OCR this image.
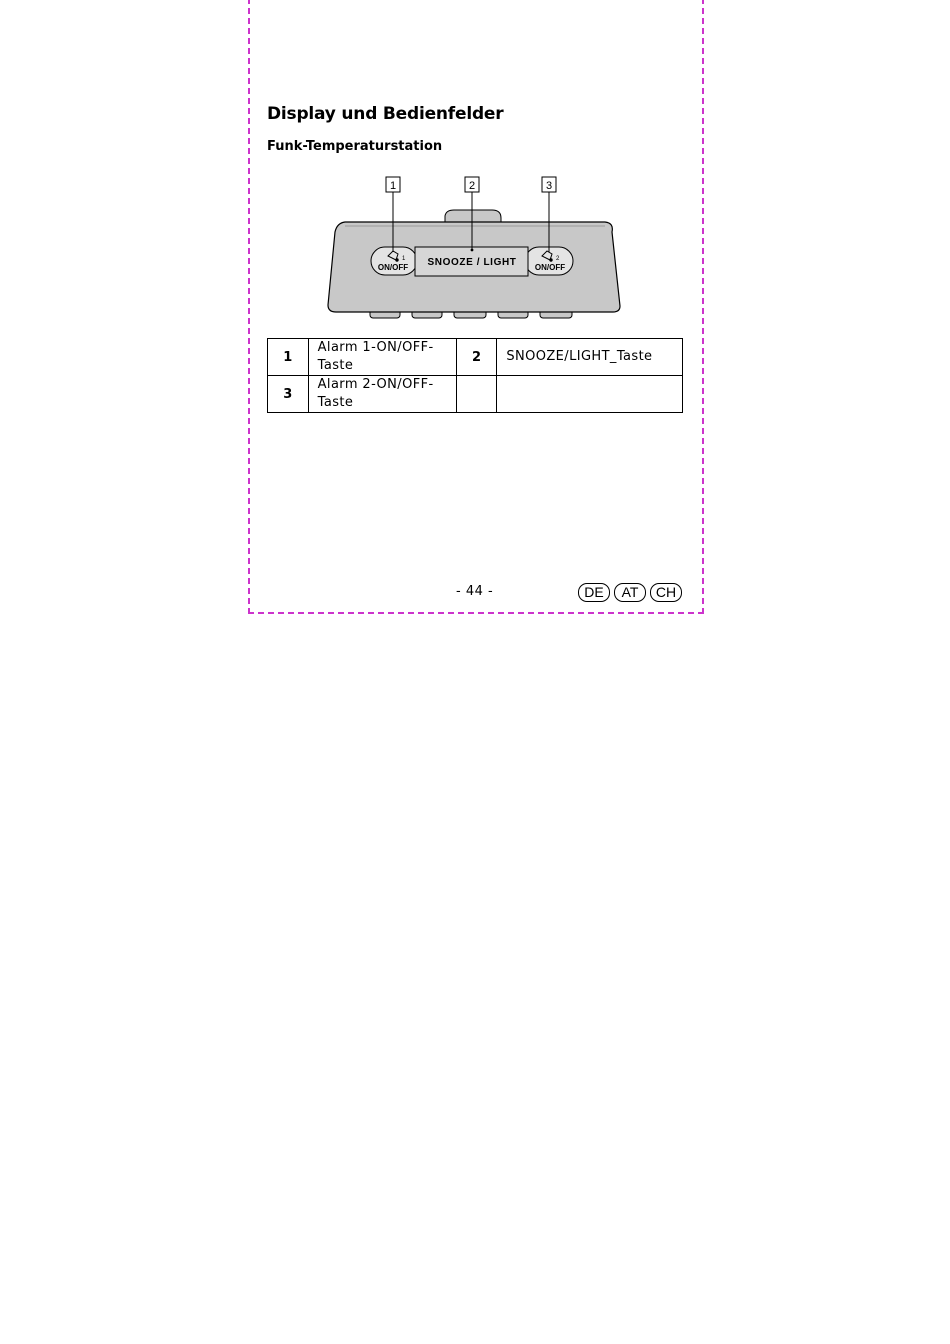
Display und Bedienfelder
Funk-Temperaturstation
1	2
ON/OFF SNOOZE / LIGHT ON/OFF
1	2	3
1	Alarm 1-ON/OFF-Taste	2	SNOOZE/LIGHT_Taste
3	Alarm 2-ON/OFF-Taste		
- 44 -	DE	AT	CH
